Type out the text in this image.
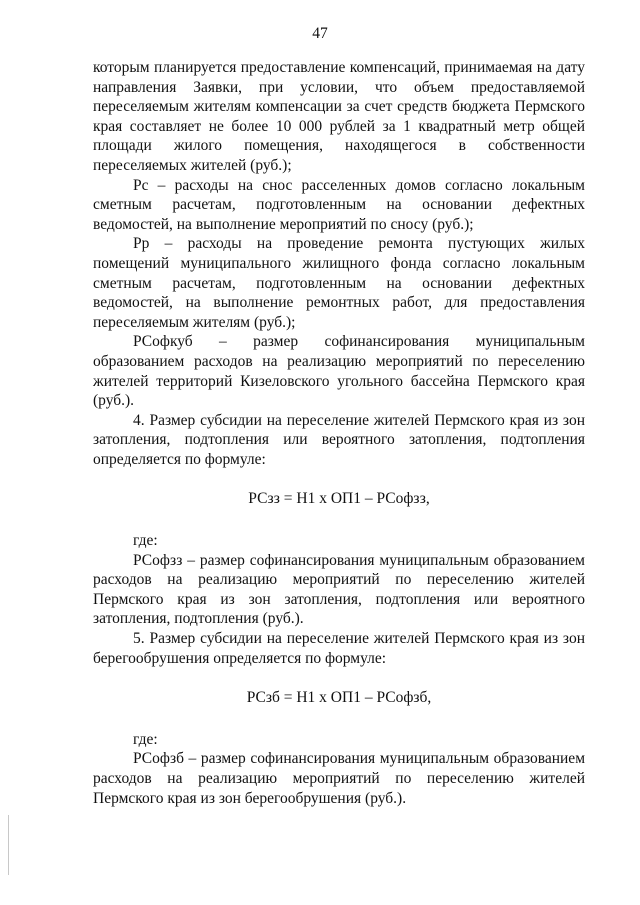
47

которым планируется предоставление компенсаций, принимаемая на дату направления Заявки, при условии, что объем предоставляемой переселяемым жителям компенсации за счет средств бюджета Пермского края составляет не более 10 000 рублей за 1 квадратный метр общей площади жилого помещения, находящегося в собственности переселяемых жителей (руб.);

Рс – расходы на снос расселенных домов согласно локальным сметным расчетам, подготовленным на основании дефектных ведомостей, на выполнение мероприятий по сносу (руб.);

Рр – расходы на проведение ремонта пустующих жилых помещений муниципального жилищного фонда согласно локальным сметным расчетам, подготовленным на основании дефектных ведомостей, на выполнение ремонтных работ, для предоставления переселяемым жителям (руб.);

РСофкуб – размер софинансирования муниципальным образованием расходов на реализацию мероприятий по переселению жителей территорий Кизеловского угольного бассейна Пермского края (руб.).

4. Размер субсидии на переселение жителей Пермского края из зон затопления, подтопления или вероятного затопления, подтопления определяется по формуле:

РСзз = Н1 х ОП1 – РСофзз,

где:

РСофзз – размер софинансирования муниципальным образованием расходов на реализацию мероприятий по переселению жителей Пермского края из зон затопления, подтопления или вероятного затопления, подтопления (руб.).

5. Размер субсидии на переселение жителей Пермского края из зон берегообрушения определяется по формуле:

РСзб = Н1 х ОП1 – РСофзб,

где:

РСофзб – размер софинансирования муниципальным образованием расходов на реализацию мероприятий по переселению жителей Пермского края из зон берегообрушения (руб.).
